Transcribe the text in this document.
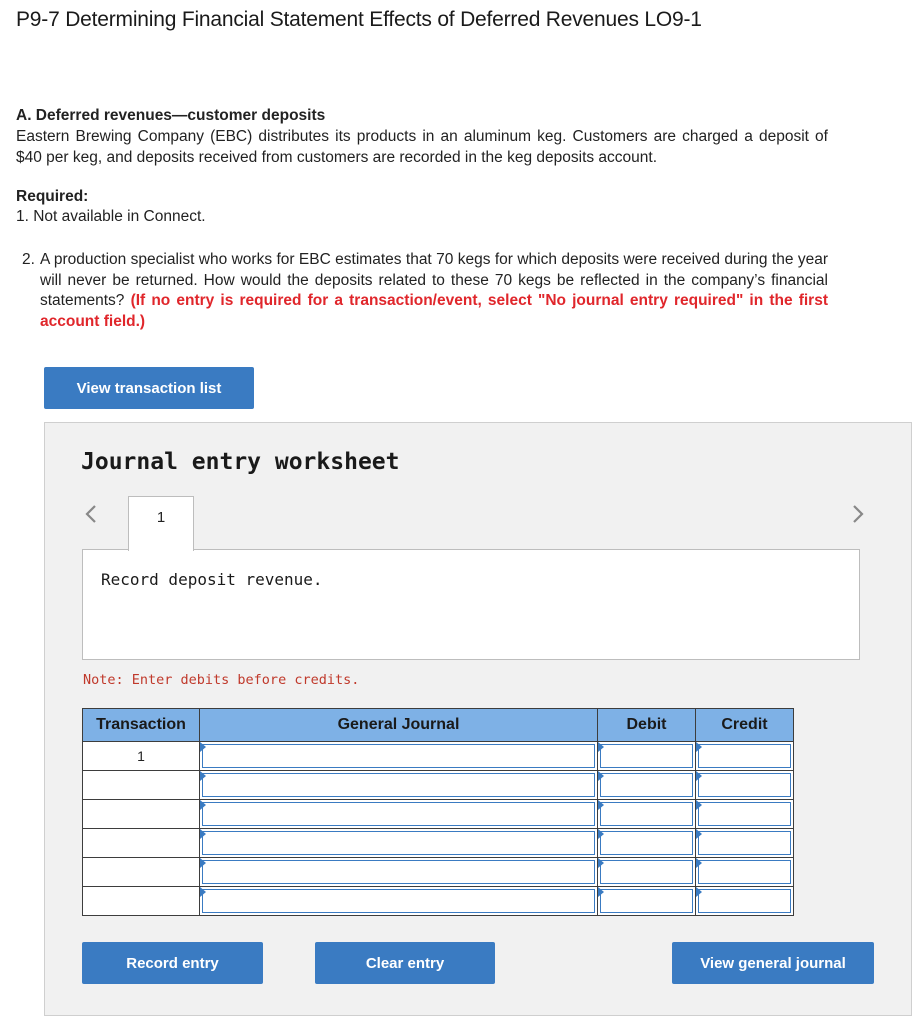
P9-7 Determining Financial Statement Effects of Deferred Revenues LO9-1
A. Deferred revenues—customer deposits
Eastern Brewing Company (EBC) distributes its products in an aluminum keg. Customers are charged a deposit of $40 per keg, and deposits received from customers are recorded in the keg deposits account.
Required:
1. Not available in Connect.
2. A production specialist who works for EBC estimates that 70 kegs for which deposits were received during the year will never be returned. How would the deposits related to these 70 kegs be reflected in the company’s financial statements? (If no entry is required for a transaction/event, select "No journal entry required" in the first account field.)
View transaction list
Journal entry worksheet
1
Record deposit revenue.
Note: Enter debits before credits.
Transaction	General Journal	Debit	Credit
1	

Record entry	Clear entry	View general journal
